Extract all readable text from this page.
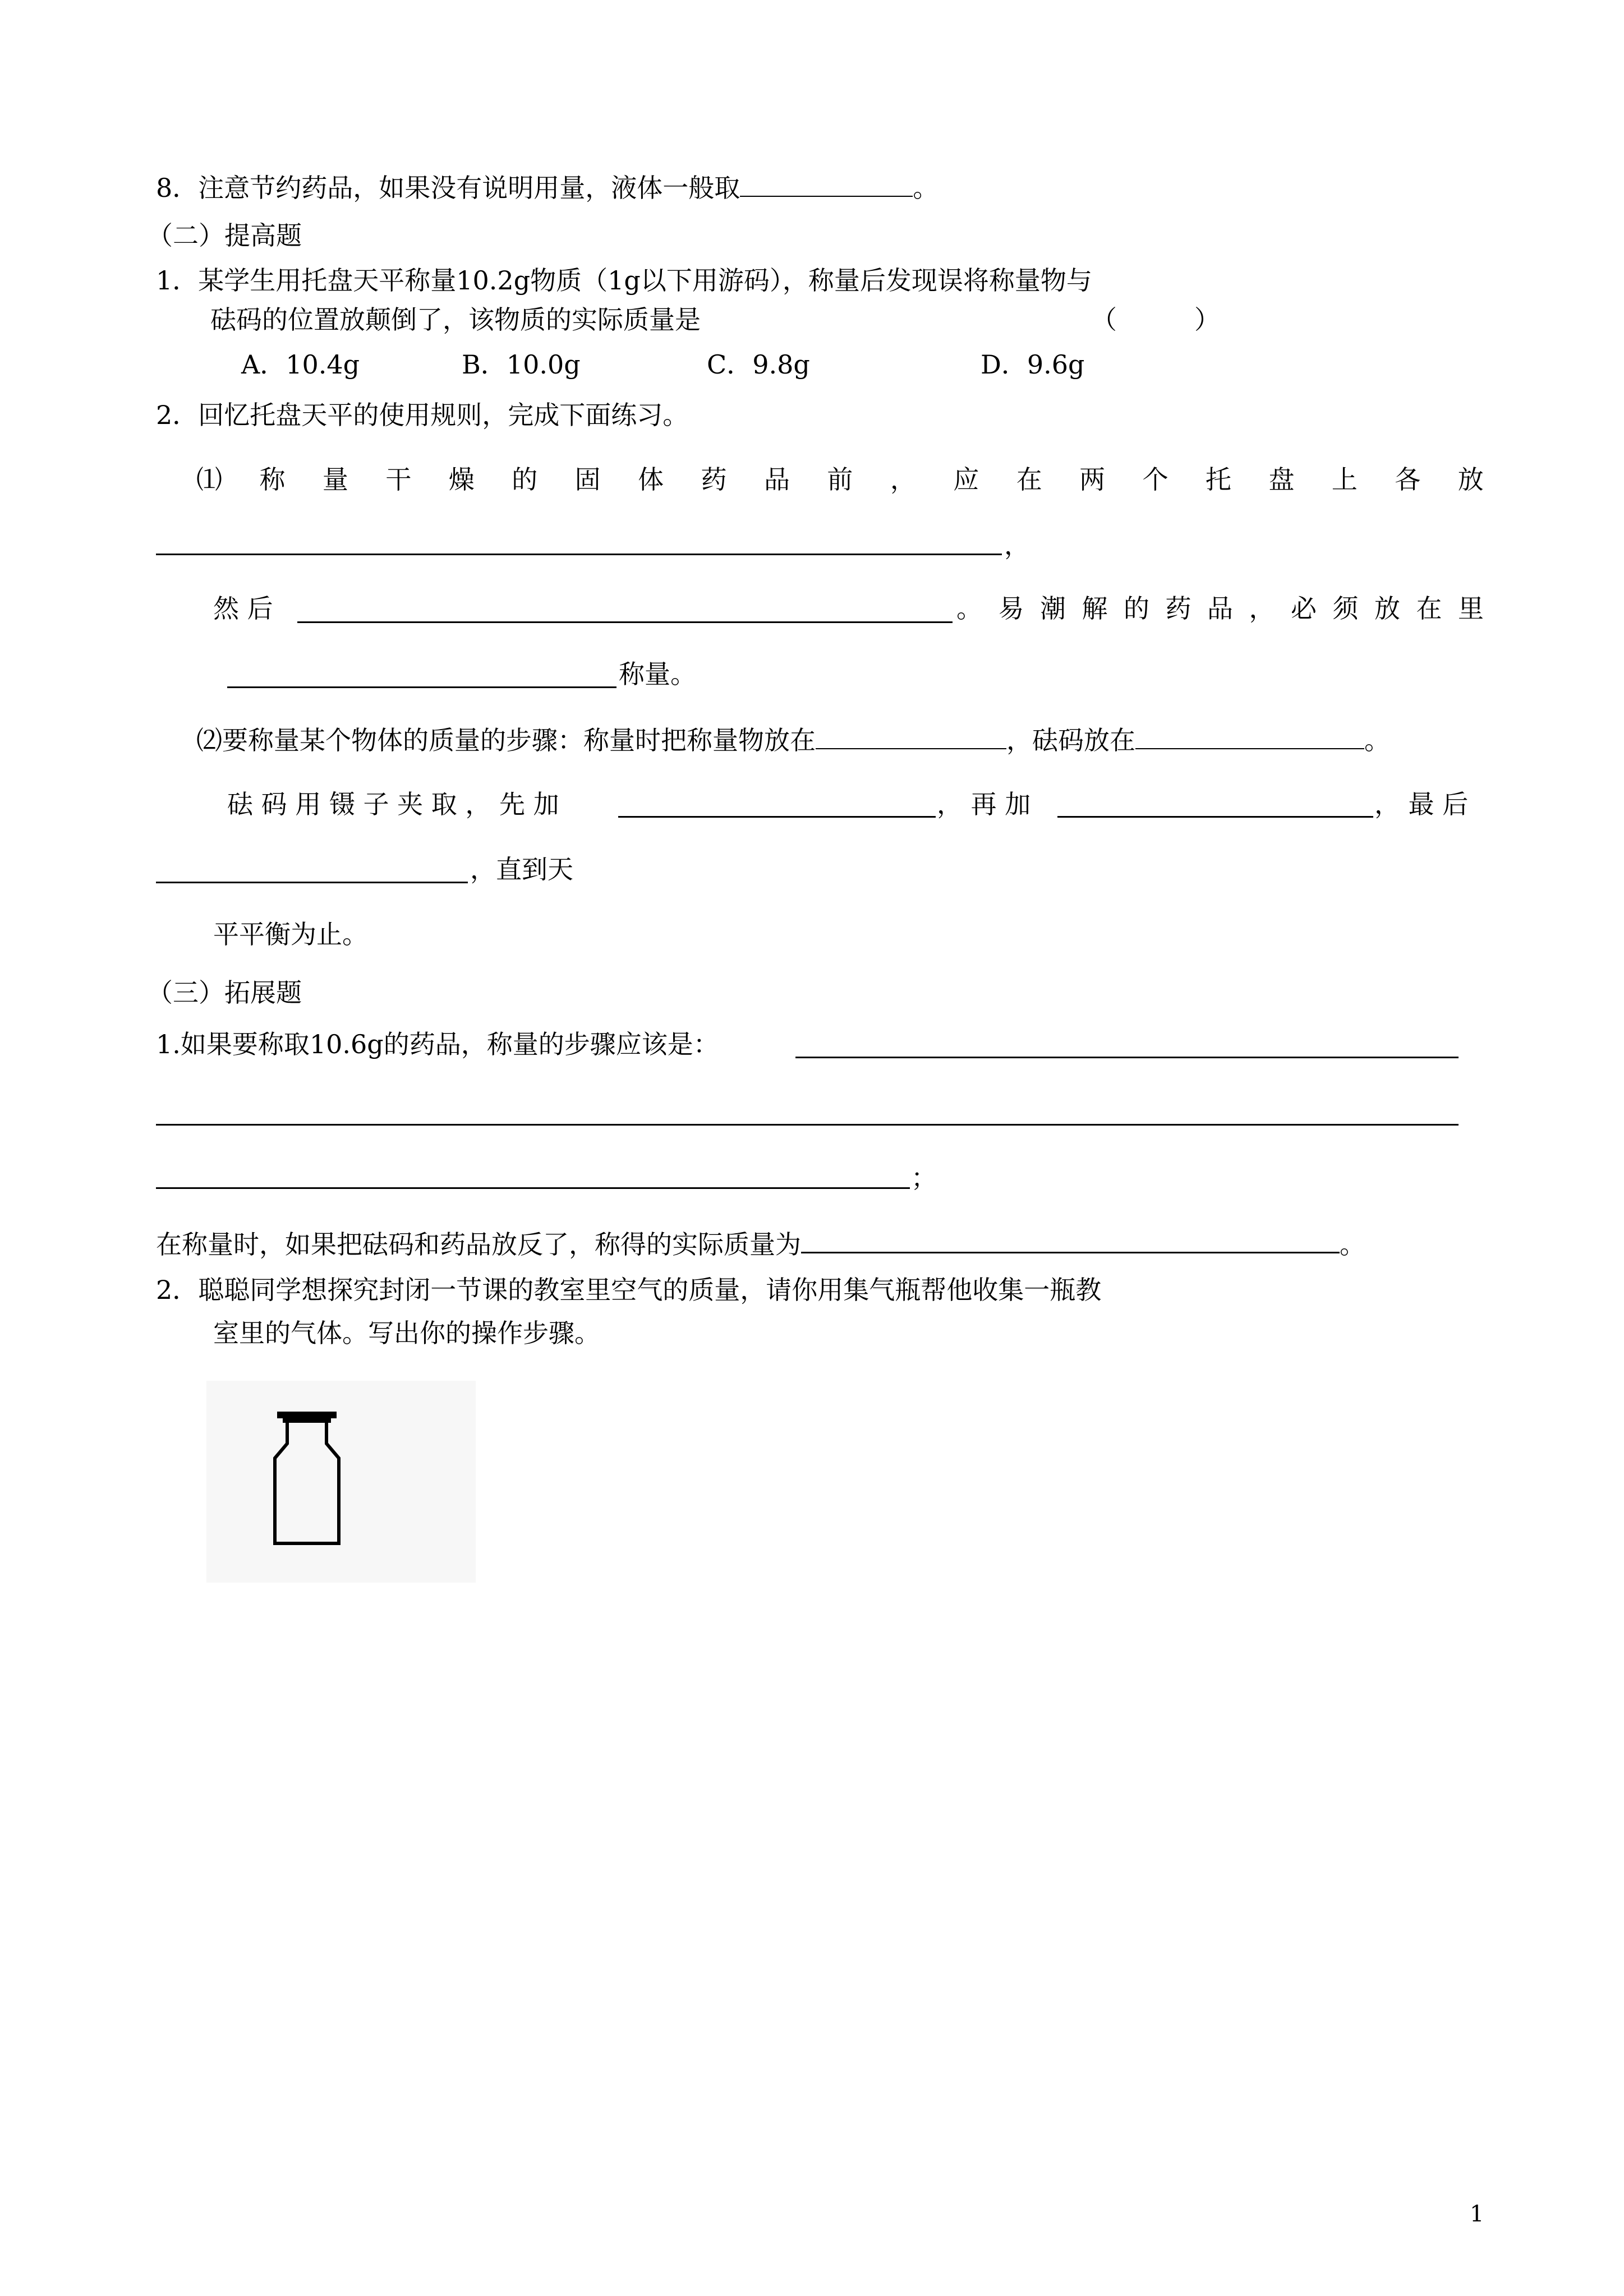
8．注意节约药品，如果没有说明用量，液体一般取	。
（二）提高题
1．某学生用托盘天平称量10.2g物质（1g以下用游码），称量后发现误将称量物与
砝码的位置放颠倒了，该物质的实际质量是	（　　　）
A．10.4g	B．10.0g	C．9.8g	D．9.6g
2．回忆托盘天平的使用规则，完成下面练习。
⑴ 称 量 干 燥 的 固 体 药 品 前 ， 应 在 两 个 托 盘 上 各 放
，
然 后	。 易 潮 解 的 药 品 ， 必 须 放 在 里
称量。
⑵要称量某个物体的质量的步骤：称量时把称量物放在	，砝码放在	。
砝 码 用 镊 子 夹 取 ， 先 加	， 再 加	， 最 后
，直到天
平平衡为止。
（三）拓展题
1.如果要称取10.6g的药品，称量的步骤应该是：
；
在称量时，如果把砝码和药品放反了，称得的实际质量为	。
2．聪聪同学想探究封闭一节课的教室里空气的质量，请你用集气瓶帮他收集一瓶教
室里的气体。写出你的操作步骤。
1
